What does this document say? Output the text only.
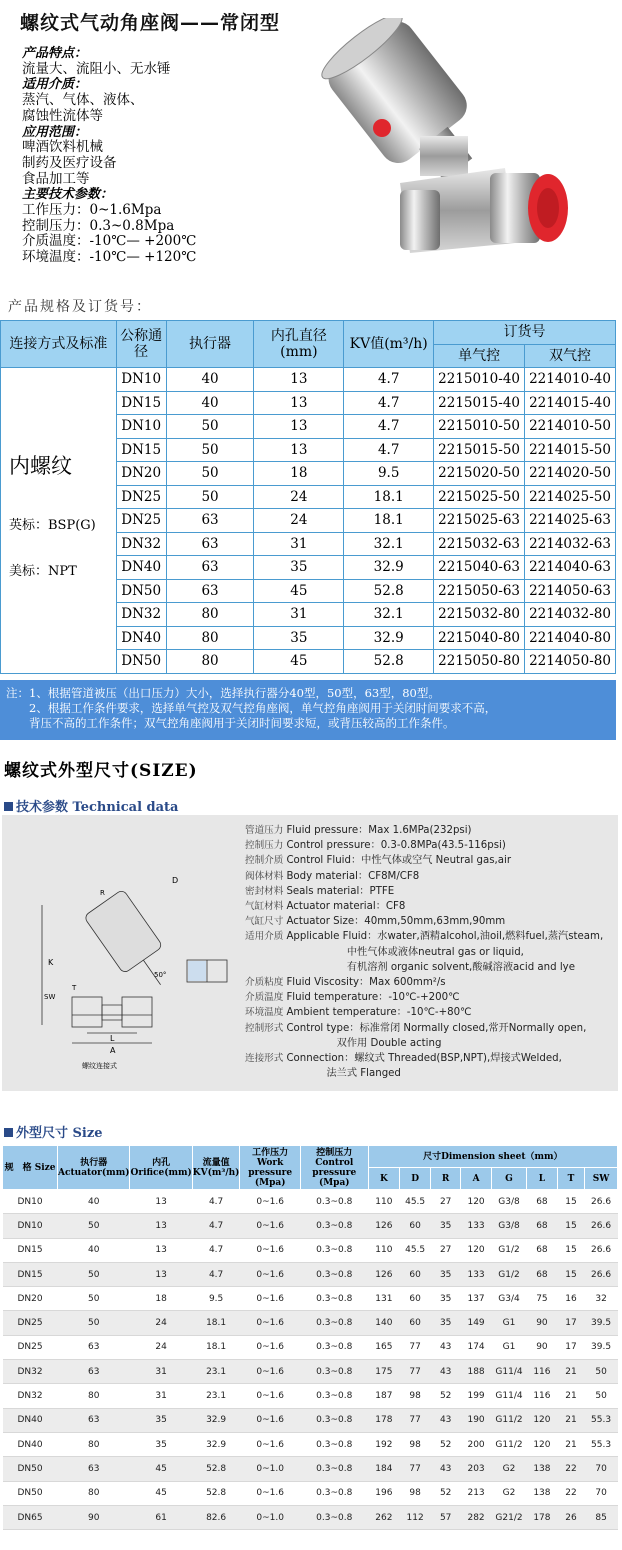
螺纹式气动角座阀——常闭型
产品特点：
流量大、流阻小、无水锤
适用介质：
蒸汽、气体、液体、
腐蚀性流体等
应用范围：
啤酒饮料机械
制药及医疗设备
食品加工等
主要技术参数：
工作压力：0~1.6Mpa
控制压力：0.3~0.8Mpa
介质温度：-10℃— +200℃
环境温度：-10℃— +120℃
产品规格及订货号：
连接方式及标准	公称通径	执行器	内孔直径(mm)	KV值(m³/h)	订货号	
					单气控	双气控

内螺纹
英标：BSP(G)
美标：NPT	DN10	40	13	4.7	2215010-40	2214010-40
	DN15	40	13	4.7	2215015-40	2214015-40
	DN10	50	13	4.7	2215010-50	2214010-50
	DN15	50	13	4.7	2215015-50	2214015-50
	DN20	50	18	9.5	2215020-50	2214020-50
	DN25	50	24	18.1	2215025-50	2214025-50
	DN25	63	24	18.1	2215025-63	2214025-63
	DN32	63	31	32.1	2215032-63	2214032-63
	DN40	63	35	32.9	2215040-63	2214040-63
	DN50	63	45	52.8	2215050-63	2214050-63
	DN32	80	31	32.1	2215032-80	2214032-80
	DN40	80	35	32.9	2215040-80	2214040-80
	DN50	80	45	52.8	2215050-80	2214050-80

注：1、根据管道被压（出口压力）大小，选择执行器分40型，50型，63型，80型。

　　2、根据工作条件要求，选择单气控及双气控角座阀，单气控角座阀用于关闭时间要求不高，

　　背压不高的工作条件；双气控角座阀用于关闭时间要求短，或背压较高的工作条件。

螺纹式外型尺寸(SIZE)
技术参数 Technical data
K
L
A
SW
T
D
R
50°
螺纹连接式
管道压力 Fluid pressure：Max 1.6MPa(232psi)
控制压力 Control pressure：0.3-0.8MPa(43.5-116psi)
控制介质 Control Fluid：中性气体或空气 Neutral gas,air
阀体材料 Body material：CF8M/CF8
密封材料 Seals material：PTFE
气缸材料 Actuator material：CF8
气缸尺寸 Actuator Size：40mm,50mm,63mm,90mm
适用介质 Applicable Fluid：水water,酒精alcohol,油oil,燃料fuel,蒸汽steam,
　　　　　　　　　　中性气体或液体neutral gas or liquid,
　　　　　　　　　　有机溶剂 organic solvent,酸碱溶液acid and lye
介质粘度 Fluid Viscosity：Max 600mm²/s
介质温度 Fluid temperature：-10℃-+200℃
环境温度 Ambient temperature：-10℃-+80℃
控制形式 Control type：标准常闭 Normally closed,常开Normally open,
　　　　　　　　　双作用 Double acting
连接形式 Connection：螺纹式 Threaded(BSP,NPT),焊接式Welded,
　　　　　　　　法兰式 Flanged
外型尺寸 Size
规　格 Size	执行器 Actuator(mm)	内孔 Orifice(mm)	流量值 KV(m³/h)	工作压力 Work pressure (Mpa)	控制压力 Control pressure (Mpa)	尺寸Dimension sheet（mm）							
						K	D	R	A	G	L	T	SW
DN10	40	13	4.7	0~1.6	0.3~0.8	110	45.5	27	120	G3/8	68	15	26.6
DN10	50	13	4.7	0~1.6	0.3~0.8	126	60	35	133	G3/8	68	15	26.6
DN15	40	13	4.7	0~1.6	0.3~0.8	110	45.5	27	120	G1/2	68	15	26.6
DN15	50	13	4.7	0~1.6	0.3~0.8	126	60	35	133	G1/2	68	15	26.6
DN20	50	18	9.5	0~1.6	0.3~0.8	131	60	35	137	G3/4	75	16	32
DN25	50	24	18.1	0~1.6	0.3~0.8	140	60	35	149	G1	90	17	39.5
DN25	63	24	18.1	0~1.6	0.3~0.8	165	77	43	174	G1	90	17	39.5
DN32	63	31	23.1	0~1.6	0.3~0.8	175	77	43	188	G11/4	116	21	50
DN32	80	31	23.1	0~1.6	0.3~0.8	187	98	52	199	G11/4	116	21	50
DN40	63	35	32.9	0~1.6	0.3~0.8	178	77	43	190	G11/2	120	21	55.3
DN40	80	35	32.9	0~1.6	0.3~0.8	192	98	52	200	G11/2	120	21	55.3
DN50	63	45	52.8	0~1.0	0.3~0.8	184	77	43	203	G2	138	22	70
DN50	80	45	52.8	0~1.6	0.3~0.8	196	98	52	213	G2	138	22	70
DN65	90	61	82.6	0~1.0	0.3~0.8	262	112	57	282	G21/2	178	26	85
